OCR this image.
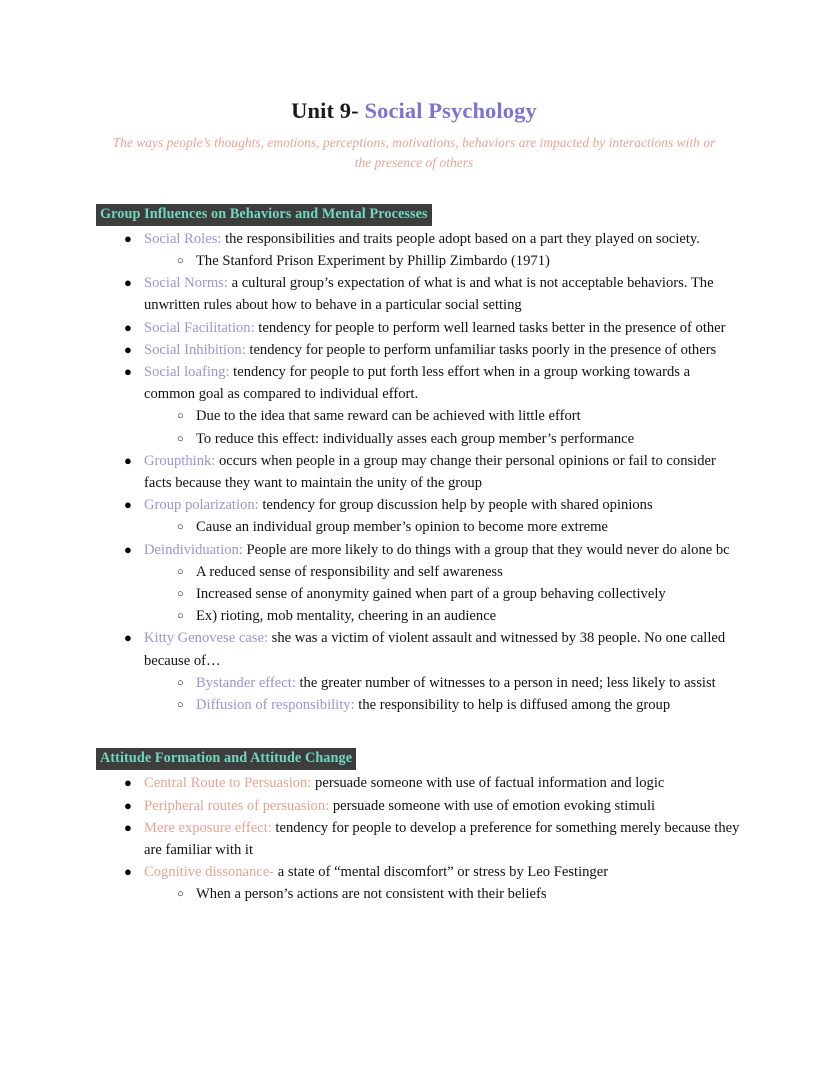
Unit 9- Social Psychology
The ways people’s thoughts, emotions, perceptions, motivations, behaviors are impacted by interactions with or the presence of others
Group Influences on Behaviors and Mental Processes
● Social Roles: the responsibilities and traits people adopt based on a part they played on society.
○ The Stanford Prison Experiment by Phillip Zimbardo (1971)
● Social Norms: a cultural group’s expectation of what is and what is not acceptable behaviors. The unwritten rules about how to behave in a particular social setting
● Social Facilitation: tendency for people to perform well learned tasks better in the presence of other
● Social Inhibition: tendency for people to perform unfamiliar tasks poorly in the presence of others
● Social loafing: tendency for people to put forth less effort when in a group working towards a common goal as compared to individual effort.
○ Due to the idea that same reward can be achieved with little effort
○ To reduce this effect: individually asses each group member’s performance
● Groupthink: occurs when people in a group may change their personal opinions or fail to consider facts because they want to maintain the unity of the group
● Group polarization: tendency for group discussion help by people with shared opinions
○ Cause an individual group member’s opinion to become more extreme
● Deindividuation: People are more likely to do things with a group that they would never do alone bc
○ A reduced sense of responsibility and self awareness
○ Increased sense of anonymity gained when part of a group behaving collectively
○ Ex) rioting, mob mentality, cheering in an audience
● Kitty Genovese case: she was a victim of violent assault and witnessed by 38 people. No one called because of…
○ Bystander effect: the greater number of witnesses to a person in need; less likely to assist
○ Diffusion of responsibility: the responsibility to help is diffused among the group
Attitude Formation and Attitude Change
● Central Route to Persuasion: persuade someone with use of factual information and logic
● Peripheral routes of persuasion: persuade someone with use of emotion evoking stimuli
● Mere exposure effect: tendency for people to develop a preference for something merely because they are familiar with it
● Cognitive dissonance- a state of “mental discomfort” or stress by Leo Festinger
○ When a person’s actions are not consistent with their beliefs
